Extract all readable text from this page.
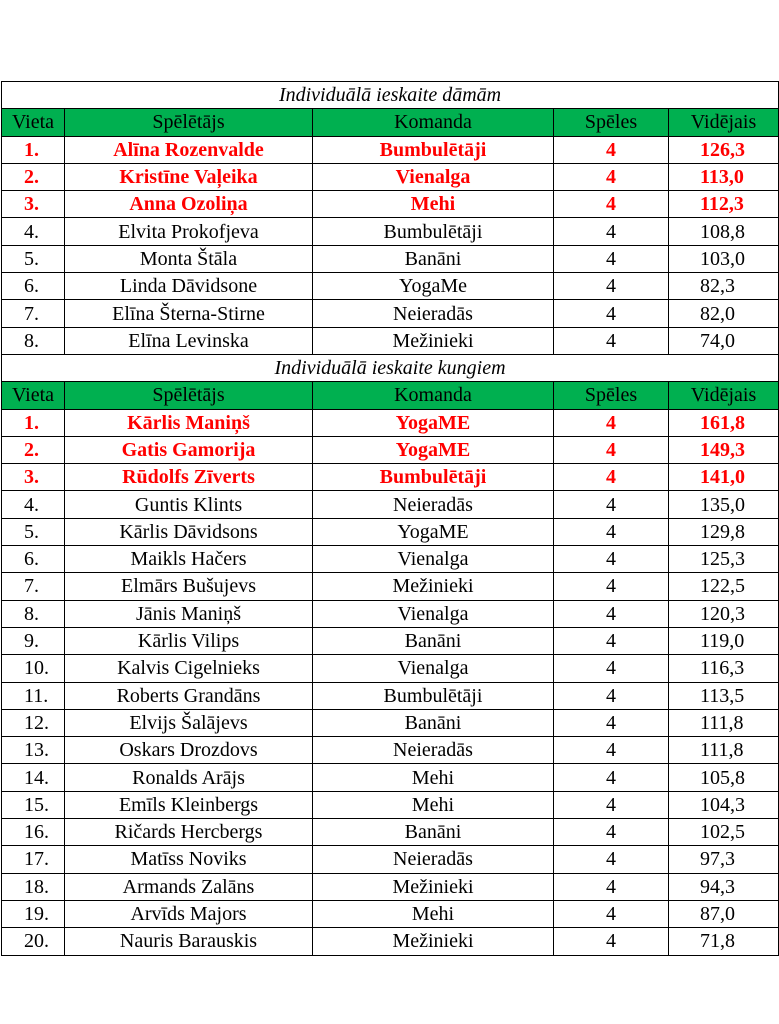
Individuālā ieskaite dāmām				
Vieta	Spēlētājs	Komanda	Spēles	Vidējais
1.	Alīna Rozenvalde	Bumbulētāji	4	126,3
2.	Kristīne Vaļeika	Vienalga	4	113,0
3.	Anna Ozoliņa	Mehi	4	112,3
4.	Elvita Prokofjeva	Bumbulētāji	4	108,8
5.	Monta Štāla	Banāni	4	103,0
6.	Linda Dāvidsone	YogaMe	4	82,3
7.	Elīna Šterna-Stirne	Neieradās	4	82,0
8.	Elīna Levinska	Mežinieki	4	74,0
Individuālā ieskaite kungiem				
Vieta	Spēlētājs	Komanda	Spēles	Vidējais
1.	Kārlis Maniņš	YogaME	4	161,8
2.	Gatis Gamorija	YogaME	4	149,3
3.	Rūdolfs Zīverts	Bumbulētāji	4	141,0
4.	Guntis Klints	Neieradās	4	135,0
5.	Kārlis Dāvidsons	YogaME	4	129,8
6.	Maikls Hačers	Vienalga	4	125,3
7.	Elmārs Bušujevs	Mežinieki	4	122,5
8.	Jānis Maniņš	Vienalga	4	120,3
9.	Kārlis Vilips	Banāni	4	119,0
10.	Kalvis Cigelnieks	Vienalga	4	116,3
11.	Roberts Grandāns	Bumbulētāji	4	113,5
12.	Elvijs Šalājevs	Banāni	4	111,8
13.	Oskars Drozdovs	Neieradās	4	111,8
14.	Ronalds Arājs	Mehi	4	105,8
15.	Emīls Kleinbergs	Mehi	4	104,3
16.	Ričards Hercbergs	Banāni	4	102,5
17.	Matīss Noviks	Neieradās	4	97,3
18.	Armands Zalāns	Mežinieki	4	94,3
19.	Arvīds Majors	Mehi	4	87,0
20.	Nauris Barauskis	Mežinieki	4	71,8
